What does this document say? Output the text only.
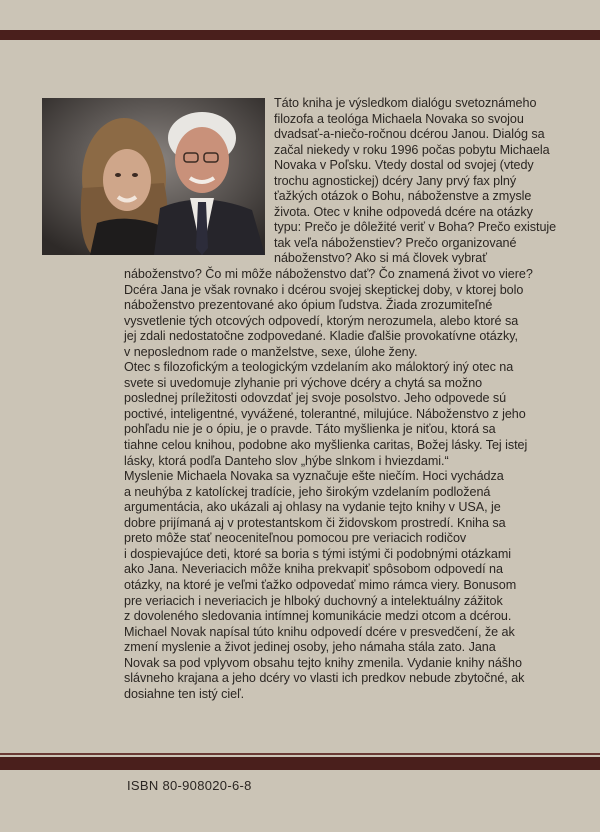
Táto kniha je výsledkom dialógu svetoznámeho
filozofa a teológa Michaela Novaka so svojou
dvadsať-a-niečo-ročnou dcérou Janou. Dialóg sa
začal niekedy v roku 1996 počas pobytu Michaela
Novaka v Poľsku. Vtedy dostal od svojej (vtedy
trochu agnostickej) dcéry Jany prvý fax plný
ťažkých otázok o Bohu, náboženstve a zmysle
života. Otec v knihe odpovedá dcére na otázky
typu: Prečo je dôležité veriť v Boha? Prečo existuje
tak veľa náboženstiev? Prečo organizované
náboženstvo? Ako si má človek vybrať
náboženstvo? Čo mi môže náboženstvo dať? Čo znamená život vo viere?
Dcéra Jana je však rovnako i dcérou svojej skeptickej doby, v ktorej bolo
náboženstvo prezentované ako ópium ľudstva. Žiada zrozumiteľné
vysvetlenie tých otcových odpovedí, ktorým nerozumela, alebo ktoré sa
jej zdali nedostatočne zodpovedané. Kladie ďalšie provokatívne otázky,
v neposlednom rade o manželstve, sexe, úlohe ženy.
Otec s filozofickým a teologickým vzdelaním ako máloktorý iný otec na
svete si uvedomuje zlyhanie pri výchove dcéry a chytá sa možno
poslednej príležitosti odovzdať jej svoje posolstvo. Jeho odpovede sú
poctivé, inteligentné, vyvážené, tolerantné, milujúce. Náboženstvo z jeho
pohľadu nie je o ópiu, je o pravde. Táto myšlienka je niťou, ktorá sa
tiahne celou knihou, podobne ako myšlienka caritas, Božej lásky. Tej istej
lásky, ktorá podľa Danteho slov „hýbe slnkom i hviezdami.“
Myslenie Michaela Novaka sa vyznačuje ešte niečím. Hoci vychádza
a neuhýba z katolíckej tradície, jeho širokým vzdelaním podložená
argumentácia, ako ukázali aj ohlasy na vydanie tejto knihy v USA, je
dobre prijímaná aj v protestantskom či židovskom prostredí. Kniha sa
preto môže stať neoceniteľnou pomocou pre veriacich rodičov
i dospievajúce deti, ktoré sa boria s tými istými či podobnými otázkami
ako Jana. Neveriacich môže kniha prekvapiť spôsobom odpovedí na
otázky, na ktoré je veľmi ťažko odpovedať mimo rámca viery. Bonusom
pre veriacich i neveriacich je hlboký duchovný a intelektuálny zážitok
z dovoleného sledovania intímnej komunikácie medzi otcom a dcérou.
Michael Novak napísal túto knihu odpovedí dcére v presvedčení, že ak
zmení myslenie a život jedinej osoby, jeho námaha stála zato. Jana
Novak sa pod vplyvom obsahu tejto knihy zmenila. Vydanie knihy nášho
slávneho krajana a jeho dcéry vo vlasti ich predkov nebude zbytočné, ak
dosiahne ten istý cieľ.
ISBN 80-908020-6-8
